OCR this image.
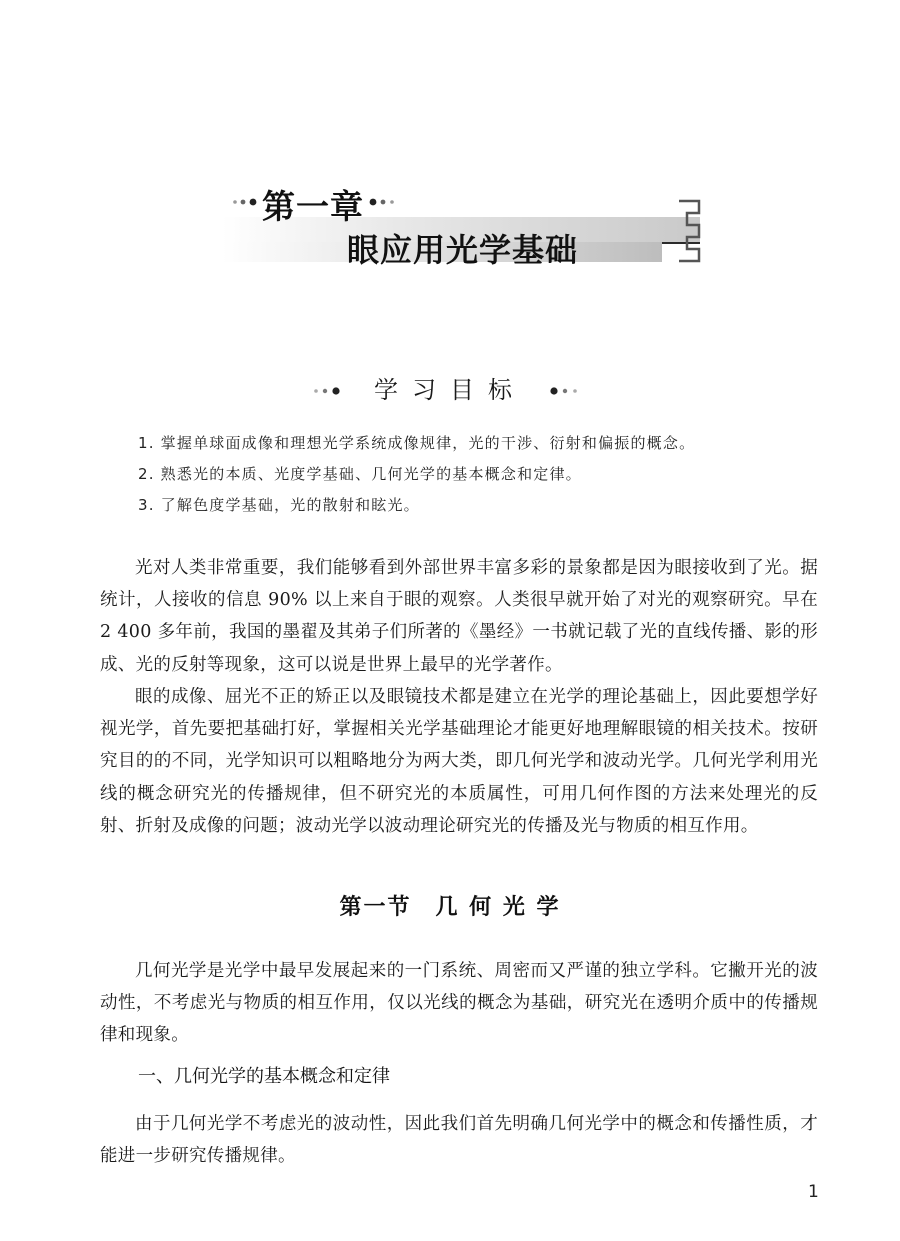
第一章
眼应用光学基础
学习目标
1. 掌握单球面成像和理想光学系统成像规律，光的干涉、衍射和偏振的概念。
2. 熟悉光的本质、光度学基础、几何光学的基本概念和定律。
3. 了解色度学基础，光的散射和眩光。

光对人类非常重要，我们能够看到外部世界丰富多彩的景象都是因为眼接收到了光。据统计，人接收的信息 90% 以上来自于眼的观察。人类很早就开始了对光的观察研究。早在 2 400 多年前，我国的墨翟及其弟子们所著的《墨经》一书就记载了光的直线传播、影的形成、光的反射等现象，这可以说是世界上最早的光学著作。

眼的成像、屈光不正的矫正以及眼镜技术都是建立在光学的理论基础上，因此要想学好视光学，首先要把基础打好，掌握相关光学基础理论才能更好地理解眼镜的相关技术。按研究目的的不同，光学知识可以粗略地分为两大类，即几何光学和波动光学。几何光学利用光线的概念研究光的传播规律，但不研究光的本质属性，可用几何作图的方法来处理光的反射、折射及成像的问题；波动光学以波动理论研究光的传播及光与物质的相互作用。

第一节　几 何 光 学

几何光学是光学中最早发展起来的一门系统、周密而又严谨的独立学科。它撇开光的波动性，不考虑光与物质的相互作用，仅以光线的概念为基础，研究光在透明介质中的传播规律和现象。

一、几何光学的基本概念和定律

由于几何光学不考虑光的波动性，因此我们首先明确几何光学中的概念和传播性质，才能进一步研究传播规律。

1
